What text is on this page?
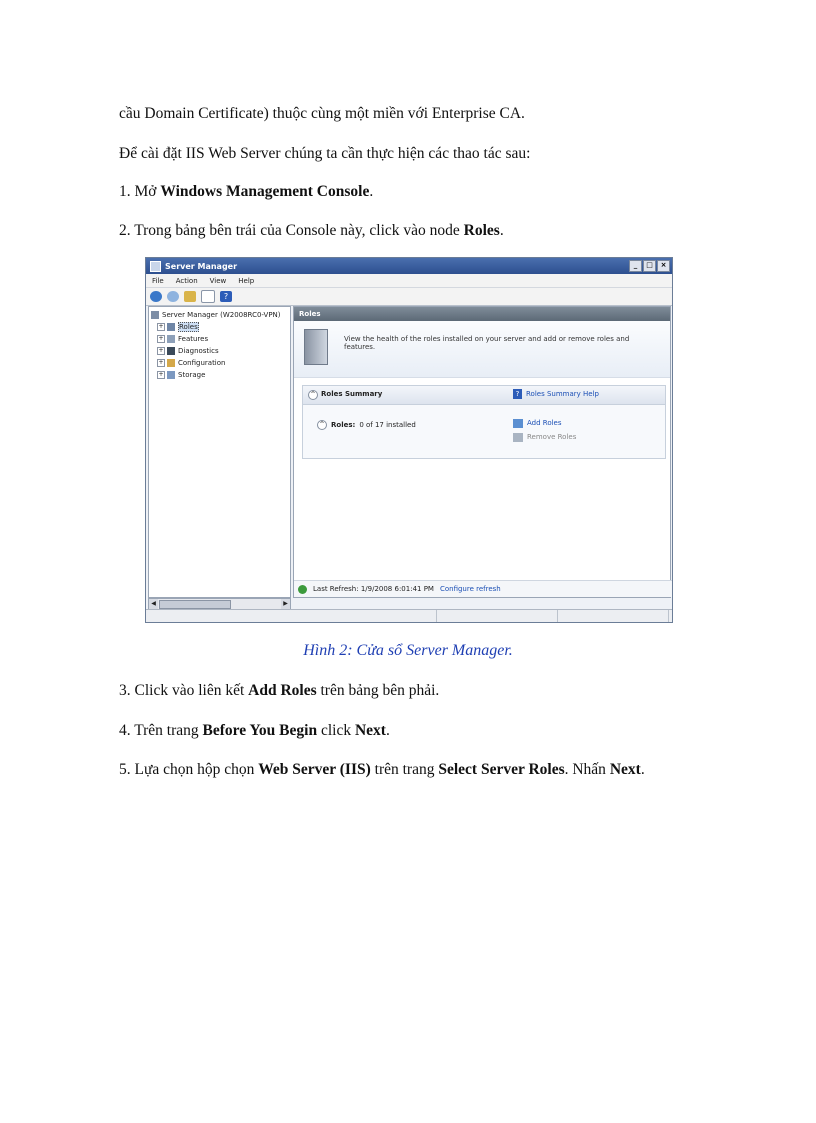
cầu Domain Certificate) thuộc cùng một miền với Enterprise CA.
Để cài đặt IIS Web Server chúng ta cần thực hiện các thao tác sau:
1. Mở Windows Management Console.
2. Trong bảng bên trái của Console này, click vào node Roles.
Server Manager	_	□	×
File Action View Help
?
Server Manager (W2008RC0-VPN)
+ Roles
+ Features
+ Diagnostics
+ Configuration
+ Storage
◀	▶
Roles
View the health of the roles installed on your server and add or remove roles and features.
^ Roles Summary	? Roles Summary Help
^ Roles: 0 of 17 installed	Add Roles
Remove Roles
Last Refresh: 1/9/2008 6:01:41 PM Configure refresh
Hình 2: Cửa sổ Server Manager.
3. Click vào liên kết Add Roles trên bảng bên phải.
4. Trên trang Before You Begin click Next.
5. Lựa chọn hộp chọn Web Server (IIS) trên trang Select Server Roles. Nhấn Next.
